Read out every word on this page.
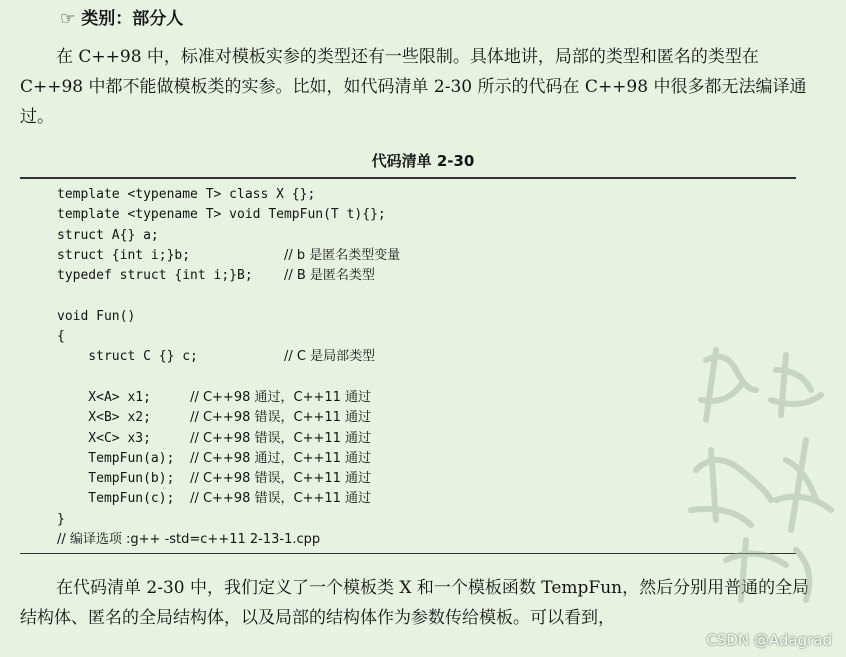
☞ 类别：部分人

在 C++98 中，标准对模板实参的类型还有一些限制。具体地讲，局部的类型和匿名的类型在 C++98 中都不能做模板类的实参。比如，如代码清单 2-30 所示的代码在 C++98 中很多都无法编译通过。

代码清单 2-30
template <typename T> class X {};
template <typename T> void TempFun(T t){};
struct A{} a;
struct {int i;}b;            // b 是匿名类型变量
typedef struct {int i;}B;    // B 是匿名类型
void Fun()
{
struct C {} c;           // C 是局部类型
X<A> x1;     // C++98 通过，C++11 通过
X<B> x2;     // C++98 错误，C++11 通过
X<C> x3;     // C++98 错误，C++11 通过
TempFun(a);  // C++98 通过，C++11 通过
TempFun(b);  // C++98 错误，C++11 通过
TempFun(c);  // C++98 错误，C++11 通过
}
// 编译选项 :g++ -std=c++11 2-13-1.cpp

在代码清单 2-30 中，我们定义了一个模板类 X 和一个模板函数 TempFun，然后分别用普通的全局结构体、匿名的全局结构体，以及局部的结构体作为参数传给模板。可以看到，

CSDN @Adagrad
